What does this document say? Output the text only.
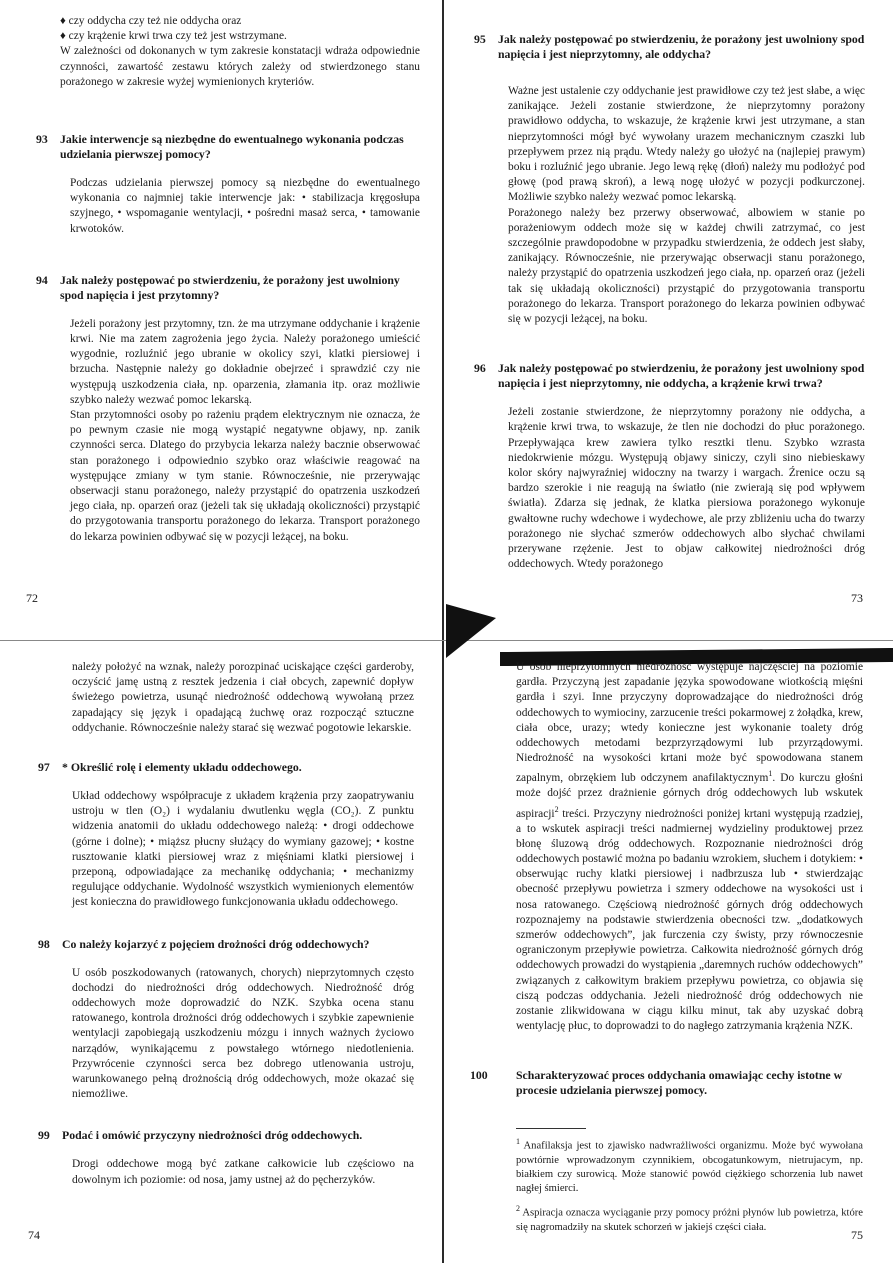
♦ czy oddycha czy też nie oddycha oraz

♦ czy krążenie krwi trwa czy też jest wstrzymane.

W zależności od dokonanych w tym zakresie konstatacji wdraża odpowiednie czynności, zawartość zestawu których zależy od stwierdzonego stanu porażonego w zakresie wyżej wymienionych kryteriów.

93 Jakie interwencje są niezbędne do ewentualnego wykonania podczas udzielania pierwszej pomocy?

Podczas udzielania pierwszej pomocy są niezbędne do ewentualnego wykonania co najmniej takie interwencje jak: • stabilizacja kręgosłupa szyjnego, • wspomaganie wentylacji, • pośredni masaż serca, • tamowanie krwotoków.

94 Jak należy postępować po stwierdzeniu, że porażony jest uwolniony spod napięcia i jest przytomny?

Jeżeli porażony jest przytomny, tzn. że ma utrzymane oddychanie i krążenie krwi. Nie ma zatem zagrożenia jego życia. Należy porażonego umieścić wygodnie, rozluźnić jego ubranie w okolicy szyi, klatki piersiowej i brzucha. Następnie należy go dokładnie obejrzeć i sprawdzić czy nie występują uszkodzenia ciała, np. oparzenia, złamania itp. oraz możliwie szybko należy wezwać pomoc lekarską.

Stan przytomności osoby po rażeniu prądem elektrycznym nie oznacza, że po pewnym czasie nie mogą wystąpić negatywne objawy, np. zanik czynności serca. Dlatego do przybycia lekarza należy bacznie obserwować stan porażonego i odpowiednio szybko oraz właściwie reagować na występujące zmiany w tym stanie. Równocześnie, nie przerywając obserwacji stanu porażonego, należy przystąpić do opatrzenia uszkodzeń jego ciała, np. oparzeń oraz (jeżeli tak się układają okoliczności) przystąpić do przygotowania transportu porażonego do lekarza. Transport porażonego do lekarza powinien odbywać się w pozycji leżącej, na boku.

72
95 Jak należy postępować po stwierdzeniu, że porażony jest uwolniony spod napięcia i jest nieprzytomny, ale oddycha?

Ważne jest ustalenie czy oddychanie jest prawidłowe czy też jest słabe, a więc zanikające. Jeżeli zostanie stwierdzone, że nieprzytomny porażony prawidłowo oddycha, to wskazuje, że krążenie krwi jest utrzymane, a stan nieprzytomności mógł być wywołany urazem mechanicznym czaszki lub przepływem przez nią prądu. Wtedy należy go ułożyć na (najlepiej prawym) boku i rozluźnić jego ubranie. Jego lewą rękę (dłoń) należy mu podłożyć pod głowę (pod prawą skroń), a lewą nogę ułożyć w pozycji podkurczonej. Możliwie szybko należy wezwać pomoc lekarską.

Porażonego należy bez przerwy obserwować, albowiem w stanie po porażeniowym oddech może się w każdej chwili zatrzymać, co jest szczególnie prawdopodobne w przypadku stwierdzenia, że oddech jest słaby, zanikający. Równocześnie, nie przerywając obserwacji stanu porażonego, należy przystąpić do opatrzenia uszkodzeń jego ciała, np. oparzeń oraz (jeżeli tak się układają okoliczności) przystąpić do przygotowania transportu porażonego do lekarza. Transport porażonego do lekarza powinien odbywać się w pozycji leżącej, na boku.

96 Jak należy postępować po stwierdzeniu, że porażony jest uwolniony spod napięcia i jest nieprzytomny, nie oddycha, a krążenie krwi trwa?

Jeżeli zostanie stwierdzone, że nieprzytomny porażony nie oddycha, a krążenie krwi trwa, to wskazuje, że tlen nie dochodzi do płuc porażonego. Przepływająca krew zawiera tylko resztki tlenu. Szybko wzrasta niedokrwienie mózgu. Występują objawy siniczy, czyli sino niebieskawy kolor skóry najwyraźniej widoczny na twarzy i wargach. Źrenice oczu są bardzo szerokie i nie reagują na światło (nie zwierają się pod wpływem światła). Zdarza się jednak, że klatka piersiowa porażonego wykonuje gwałtowne ruchy wdechowe i wydechowe, ale przy zbliżeniu ucha do twarzy porażonego nie słychać szmerów oddechowych albo słychać chwilami przerywane rzężenie. Jest to objaw całkowitej niedrożności dróg oddechowych. Wtedy porażonego

73

należy położyć na wznak, należy porozpinać uciskające części garderoby, oczyścić jamę ustną z resztek jedzenia i ciał obcych, zapewnić dopływ świeżego powietrza, usunąć niedrożność oddechową wywołaną przez zapadający się język i opadającą żuchwę oraz rozpocząć sztuczne oddychanie. Równocześnie należy starać się wezwać pogotowie lekarskie.

97 * Określić rolę i elementy układu oddechowego.

Układ oddechowy współpracuje z układem krążenia przy zaopatrywaniu ustroju w tlen (O₂) i wydalaniu dwutlenku węgla (CO₂). Z punktu widzenia anatomii do układu oddechowego należą: • drogi oddechowe (górne i dolne); • miąższ płucny służący do wymiany gazowej; • kostne rusztowanie klatki piersiowej wraz z mięśniami klatki piersiowej i przeponą, odpowiadające za mechanikę oddychania; • mechanizmy regulujące oddychanie. Wydolność wszystkich wymienionych elementów jest konieczna do prawidłowego funkcjonowania układu oddechowego.

98 Co należy kojarzyć z pojęciem drożności dróg oddechowych?

U osób poszkodowanych (ratowanych, chorych) nieprzytomnych często dochodzi do niedrożności dróg oddechowych. Niedrożność dróg oddechowych może doprowadzić do NZK. Szybka ocena stanu ratowanego, kontrola drożności dróg oddechowych i szybkie zapewnienie wentylacji zapobiegają uszkodzeniu mózgu i innych ważnych życiowo narządów, wynikającemu z powstałego wtórnego niedotlenienia. Przywrócenie czynności serca bez dobrego utlenowania ustroju, warunkowanego pełną drożnością dróg oddechowych, może okazać się niemożliwe.

99 Podać i omówić przyczyny niedrożności dróg oddechowych.

Drogi oddechowe mogą być zatkane całkowicie lub częściowo na dowolnym ich poziomie: od nosa, jamy ustnej aż do pęcherzyków.

74

U osób nieprzytomnych niedrożność występuje najczęściej na poziomie gardła. Przyczyną jest zapadanie języka spowodowane wiotkością mięśni gardła i szyi. Inne przyczyny doprowadzające do niedrożności dróg oddechowych to wymiociny, zarzucenie treści pokarmowej z żołądka, krew, ciała obce, urazy; wtedy konieczne jest wykonanie toalety dróg oddechowych metodami bezprzyrządowymi lub przyrządowymi. Niedrożność na wysokości krtani może być spowodowana stanem zapalnym, obrzękiem lub odczynem anafilaktycznym$^1$. Do kurczu głośni może dojść przez drażnienie górnych dróg oddechowych lub wskutek aspiracji$^2$ treści. Przyczyny niedrożności poniżej krtani występują rzadziej, a to wskutek aspiracji treści nadmiernej wydzieliny produktowej przez błonę śluzową dróg oddechowych. Rozpoznanie niedrożności dróg oddechowych postawić można po badaniu wzrokiem, słuchem i dotykiem: • obserwując ruchy klatki piersiowej i nadbrzusza lub • stwierdzając obecność przepływu powietrza i szmery oddechowe na wysokości ust i nosa ratowanego. Częściową niedrożność górnych dróg oddechowych rozpoznajemy na podstawie stwierdzenia obecności tzw. „dodatkowych szmerów oddechowych”, jak furczenia czy świsty, przy równoczesnie ograniczonym przepływie powietrza. Całkowita niedrożność górnych dróg oddechowych prowadzi do wystąpienia „daremnych ruchów oddechowych” związanych z całkowitym brakiem przepływu powietrza, co objawia się ciszą podczas oddychania. Jeżeli niedrożność dróg oddechowych nie zostanie zlikwidowana w ciągu kilku minut, tak aby uzyskać dobrą wentylację płuc, to doprowadzi to do nagłego zatrzymania krążenia NZK.

100 Scharakteryzować proces oddychania omawiając cechy istotne w procesie udzielania pierwszej pomocy.

$^1$ Anafilaksja jest to zjawisko nadwrażliwości organizmu. Może być wywołana powtórnie wprowadzonym czynnikiem, obcogatunkowym, nietrujacym, np. białkiem czy surowicą. Może stanowić powód ciężkiego schorzenia lub nawet nagłej śmierci.

$^2$ Aspiracja oznacza wyciąganie przy pomocy próżni płynów lub powietrza, które się nagromadziły na skutek schorzeń w jakiejś części ciała.

75
